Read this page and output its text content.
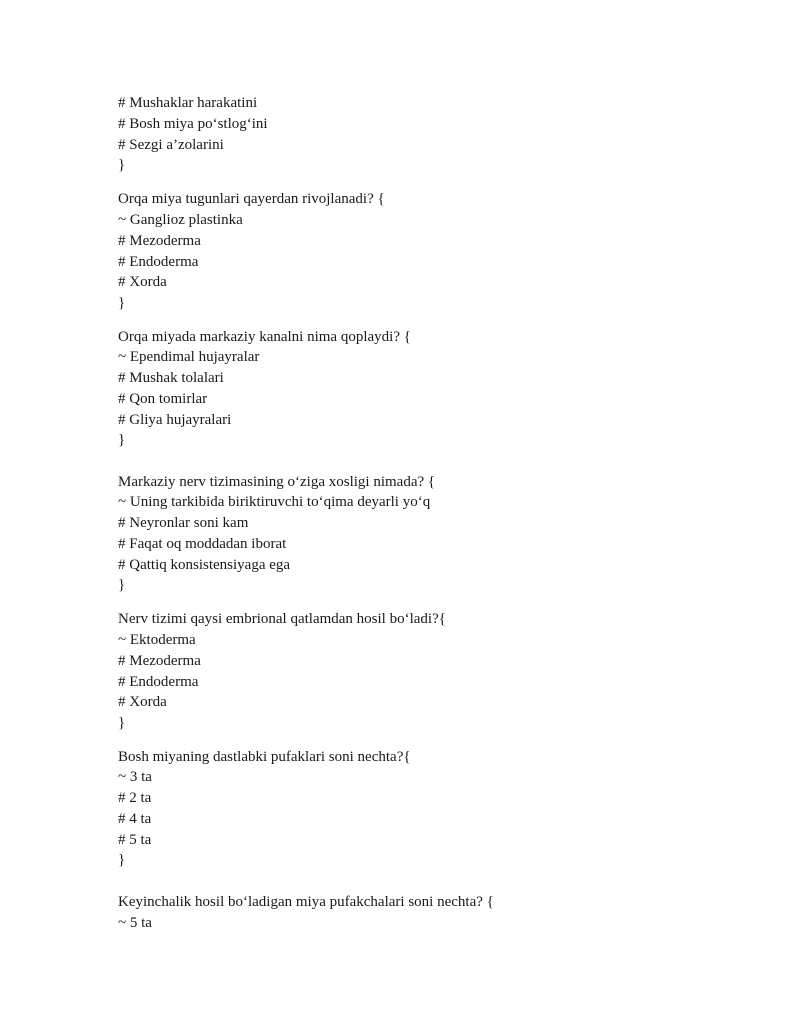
# Mushaklar harakatini
# Bosh miya po‘stlog‘ini
# Sezgi a’zolarini
}
Orqa miya tugunlari qayerdan rivojlanadi? {
~ Ganglioz plastinka
# Mezoderma
# Endoderma
# Xorda
}
Orqa miyada markaziy kanalni nima qoplaydi? {
~ Ependimal hujayralar
# Mushak tolalari
# Qon tomirlar
# Gliya hujayralari
}
Markaziy nerv tizimasining o‘ziga xosligi nimada? {
~ Uning tarkibida biriktiruvchi to‘qima deyarli yo‘q
# Neyronlar soni kam
# Faqat oq moddadan iborat
# Qattiq konsistensiyaga ega
}
Nerv tizimi qaysi embrional qatlamdan hosil bo‘ladi?{
~ Ektoderma
# Mezoderma
# Endoderma
# Xorda
}
Bosh miyaning dastlabki pufaklari soni nechta?{
~ 3 ta
# 2 ta
# 4 ta
# 5 ta
}
Keyinchalik hosil bo‘ladigan miya pufakchalari soni nechta? {
~ 5 ta
